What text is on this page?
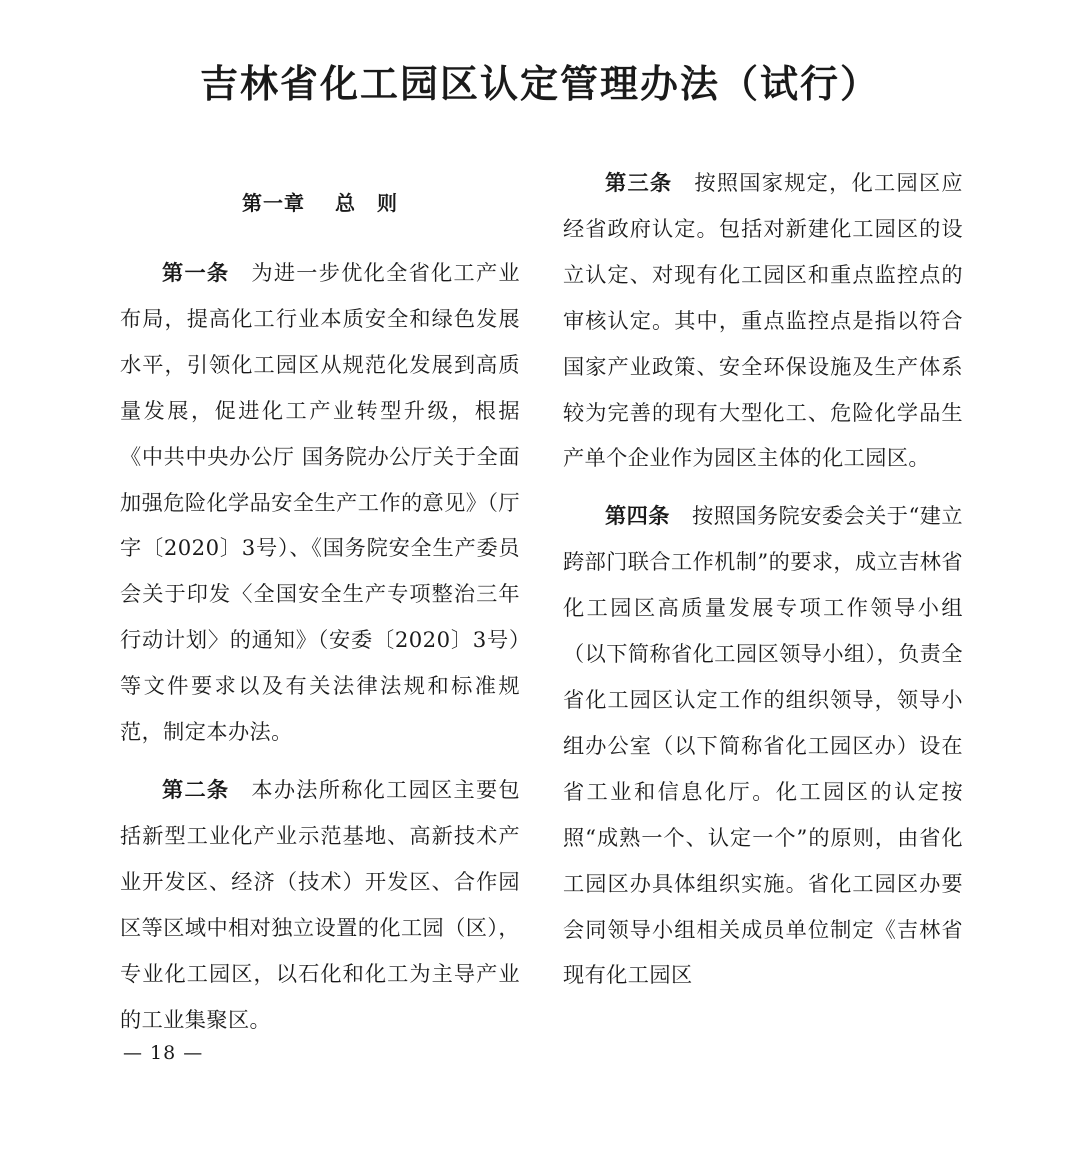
吉林省化工园区认定管理办法（试行）
第一章 总　则

第一条 为进一步优化全省化工产业布局，提高化工行业本质安全和绿色发展水平，引领化工园区从规范化发展到高质量发展，促进化工产业转型升级，根据《中共中央办公厅 国务院办公厅关于全面加强危险化学品安全生产工作的意见》（厅字〔2020〕3号）、《国务院安全生产委员会关于印发〈全国安全生产专项整治三年行动计划〉的通知》（安委〔2020〕3号）等文件要求以及有关法律法规和标准规范，制定本办法。

第二条 本办法所称化工园区主要包括新型工业化产业示范基地、高新技术产业开发区、经济（技术）开发区、合作园区等区域中相对独立设置的化工园（区），专业化工园区，以石化和化工为主导产业的工业集聚区。

第三条 按照国家规定，化工园区应经省政府认定。包括对新建化工园区的设立认定、对现有化工园区和重点监控点的审核认定。其中，重点监控点是指以符合国家产业政策、安全环保设施及生产体系较为完善的现有大型化工、危险化学品生产单个企业作为园区主体的化工园区。

第四条 按照国务院安委会关于“建立跨部门联合工作机制”的要求，成立吉林省化工园区高质量发展专项工作领导小组（以下简称省化工园区领导小组），负责全省化工园区认定工作的组织领导，领导小组办公室（以下简称省化工园区办）设在省工业和信息化厅。化工园区的认定按照“成熟一个、认定一个”的原则，由省化工园区办具体组织实施。省化工园区办要会同领导小组相关成员单位制定《吉林省现有化工园区

— 18 —
